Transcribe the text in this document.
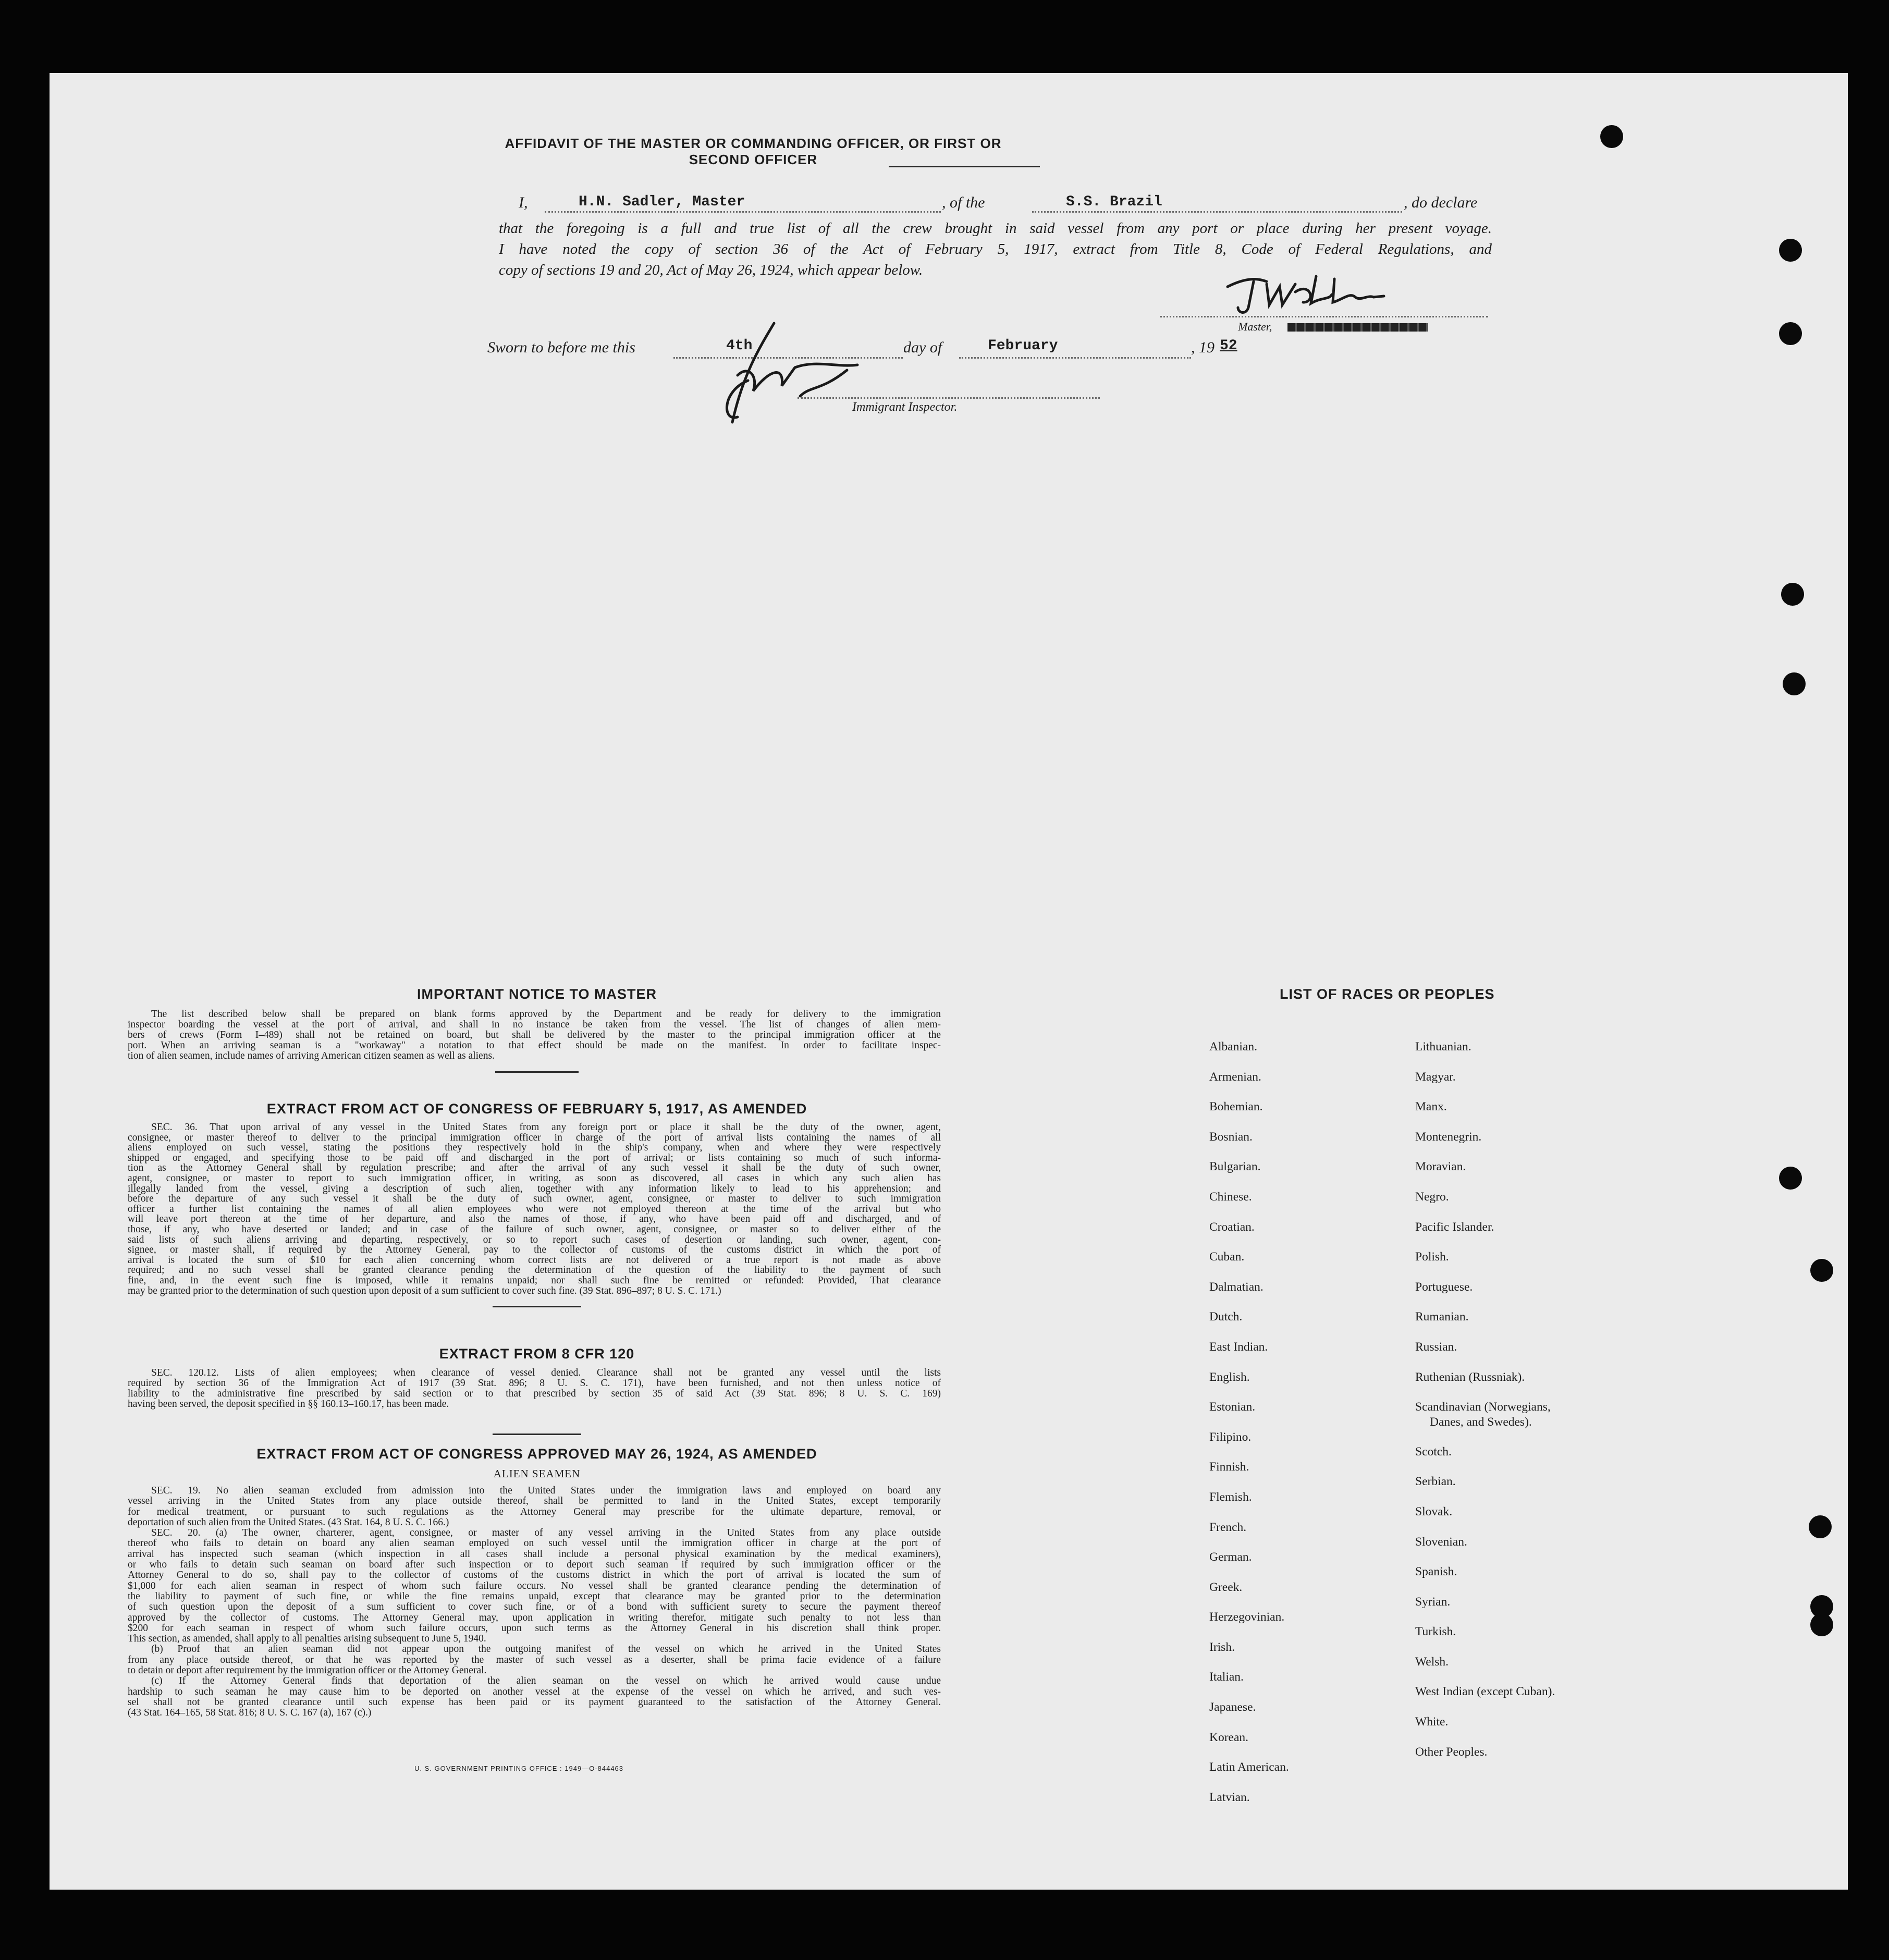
AFFIDAVIT OF THE MASTER OR COMMANDING OFFICER, OR FIRST OR SECOND OFFICER
I,	H.N. Sadler, Master	, of the	S.S. Brazil	, do declare
that the foregoing is a full and true list of all the crew brought in said vessel from any port or place during her present voyage.
I have noted the copy of section 36 of the Act of February 5, 1917, extract from Title 8, Code of Federal Regulations, and
copy of sections 19 and 20, Act of May 26, 1924, which appear below.
Master,
Sworn to before me this	4th	day of	February	, 19 52
Immigrant Inspector.
IMPORTANT NOTICE TO MASTER
The list described below shall be prepared on blank forms approved by the Department and be ready for delivery to the immigration
inspector boarding the vessel at the port of arrival, and shall in no instance be taken from the vessel. The list of changes of alien mem-
bers of crews (Form I–489) shall not be retained on board, but shall be delivered by the master to the principal immigration officer at the
port. When an arriving seaman is a "workaway" a notation to that effect should be made on the manifest. In order to facilitate inspec-
tion of alien seamen, include names of arriving American citizen seamen as well as aliens.
EXTRACT FROM ACT OF CONGRESS OF FEBRUARY 5, 1917, AS AMENDED
SEC. 36. That upon arrival of any vessel in the United States from any foreign port or place it shall be the duty of the owner, agent,
consignee, or master thereof to deliver to the principal immigration officer in charge of the port of arrival lists containing the names of all
aliens employed on such vessel, stating the positions they respectively hold in the ship's company, when and where they were respectively
shipped or engaged, and specifying those to be paid off and discharged in the port of arrival; or lists containing so much of such informa-
tion as the Attorney General shall by regulation prescribe; and after the arrival of any such vessel it shall be the duty of such owner,
agent, consignee, or master to report to such immigration officer, in writing, as soon as discovered, all cases in which any such alien has
illegally landed from the vessel, giving a description of such alien, together with any information likely to lead to his apprehension; and
before the departure of any such vessel it shall be the duty of such owner, agent, consignee, or master to deliver to such immigration
officer a further list containing the names of all alien employees who were not employed thereon at the time of the arrival but who
will leave port thereon at the time of her departure, and also the names of those, if any, who have been paid off and discharged, and of
those, if any, who have deserted or landed; and in case of the failure of such owner, agent, consignee, or master so to deliver either of the
said lists of such aliens arriving and departing, respectively, or so to report such cases of desertion or landing, such owner, agent, con-
signee, or master shall, if required by the Attorney General, pay to the collector of customs of the customs district in which the port of
arrival is located the sum of $10 for each alien concerning whom correct lists are not delivered or a true report is not made as above
required; and no such vessel shall be granted clearance pending the determination of the question of the liability to the payment of such
fine, and, in the event such fine is imposed, while it remains unpaid; nor shall such fine be remitted or refunded: Provided, That clearance
may be granted prior to the determination of such question upon deposit of a sum sufficient to cover such fine. (39 Stat. 896–897; 8 U. S. C. 171.)
EXTRACT FROM 8 CFR 120
SEC. 120.12. Lists of alien employees; when clearance of vessel denied. Clearance shall not be granted any vessel until the lists
required by section 36 of the Immigration Act of 1917 (39 Stat. 896; 8 U. S. C. 171), have been furnished, and not then unless notice of
liability to the administrative fine prescribed by said section or to that prescribed by section 35 of said Act (39 Stat. 896; 8 U. S. C. 169)
having been served, the deposit specified in §§ 160.13–160.17, has been made.
EXTRACT FROM ACT OF CONGRESS APPROVED MAY 26, 1924, AS AMENDED
ALIEN SEAMEN
SEC. 19. No alien seaman excluded from admission into the United States under the immigration laws and employed on board any
vessel arriving in the United States from any place outside thereof, shall be permitted to land in the United States, except temporarily
for medical treatment, or pursuant to such regulations as the Attorney General may prescribe for the ultimate departure, removal, or
deportation of such alien from the United States. (43 Stat. 164, 8 U. S. C. 166.)
SEC. 20. (a) The owner, charterer, agent, consignee, or master of any vessel arriving in the United States from any place outside
thereof who fails to detain on board any alien seaman employed on such vessel until the immigration officer in charge at the port of
arrival has inspected such seaman (which inspection in all cases shall include a personal physical examination by the medical examiners),
or who fails to detain such seaman on board after such inspection or to deport such seaman if required by such immigration officer or the
Attorney General to do so, shall pay to the collector of customs of the customs district in which the port of arrival is located the sum of
$1,000 for each alien seaman in respect of whom such failure occurs. No vessel shall be granted clearance pending the determination of
the liability to payment of such fine, or while the fine remains unpaid, except that clearance may be granted prior to the determination
of such question upon the deposit of a sum sufficient to cover such fine, or of a bond with sufficient surety to secure the payment thereof
approved by the collector of customs. The Attorney General may, upon application in writing therefor, mitigate such penalty to not less than
$200 for each seaman in respect of whom such failure occurs, upon such terms as the Attorney General in his discretion shall think proper.
This section, as amended, shall apply to all penalties arising subsequent to June 5, 1940.
(b) Proof that an alien seaman did not appear upon the outgoing manifest of the vessel on which he arrived in the United States
from any place outside thereof, or that he was reported by the master of such vessel as a deserter, shall be prima facie evidence of a failure
to detain or deport after requirement by the immigration officer or the Attorney General.
(c) If the Attorney General finds that deportation of the alien seaman on the vessel on which he arrived would cause undue
hardship to such seaman he may cause him to be deported on another vessel at the expense of the vessel on which he arrived, and such ves-
sel shall not be granted clearance until such expense has been paid or its payment guaranteed to the satisfaction of the Attorney General.
(43 Stat. 164–165, 58 Stat. 816; 8 U. S. C. 167 (a), 167 (c).)
U. S. GOVERNMENT PRINTING OFFICE : 1949—O-844463
LIST OF RACES OR PEOPLES
Albanian.
Armenian.
Bohemian.
Bosnian.
Bulgarian.
Chinese.
Croatian.
Cuban.
Dalmatian.
Dutch.
East Indian.
English.
Estonian.
Filipino.
Finnish.
Flemish.
French.
German.
Greek.
Herzegovinian.
Irish.
Italian.
Japanese.
Korean.
Latin American.
Latvian.
Lithuanian.
Magyar.
Manx.
Montenegrin.
Moravian.
Negro.
Pacific Islander.
Polish.
Portuguese.
Rumanian.
Russian.
Ruthenian (Russniak).
Scandinavian (Norwegians,
Danes, and Swedes).
Scotch.
Serbian.
Slovak.
Slovenian.
Spanish.
Syrian.
Turkish.
Welsh.
West Indian (except Cuban).
White.
Other Peoples.
